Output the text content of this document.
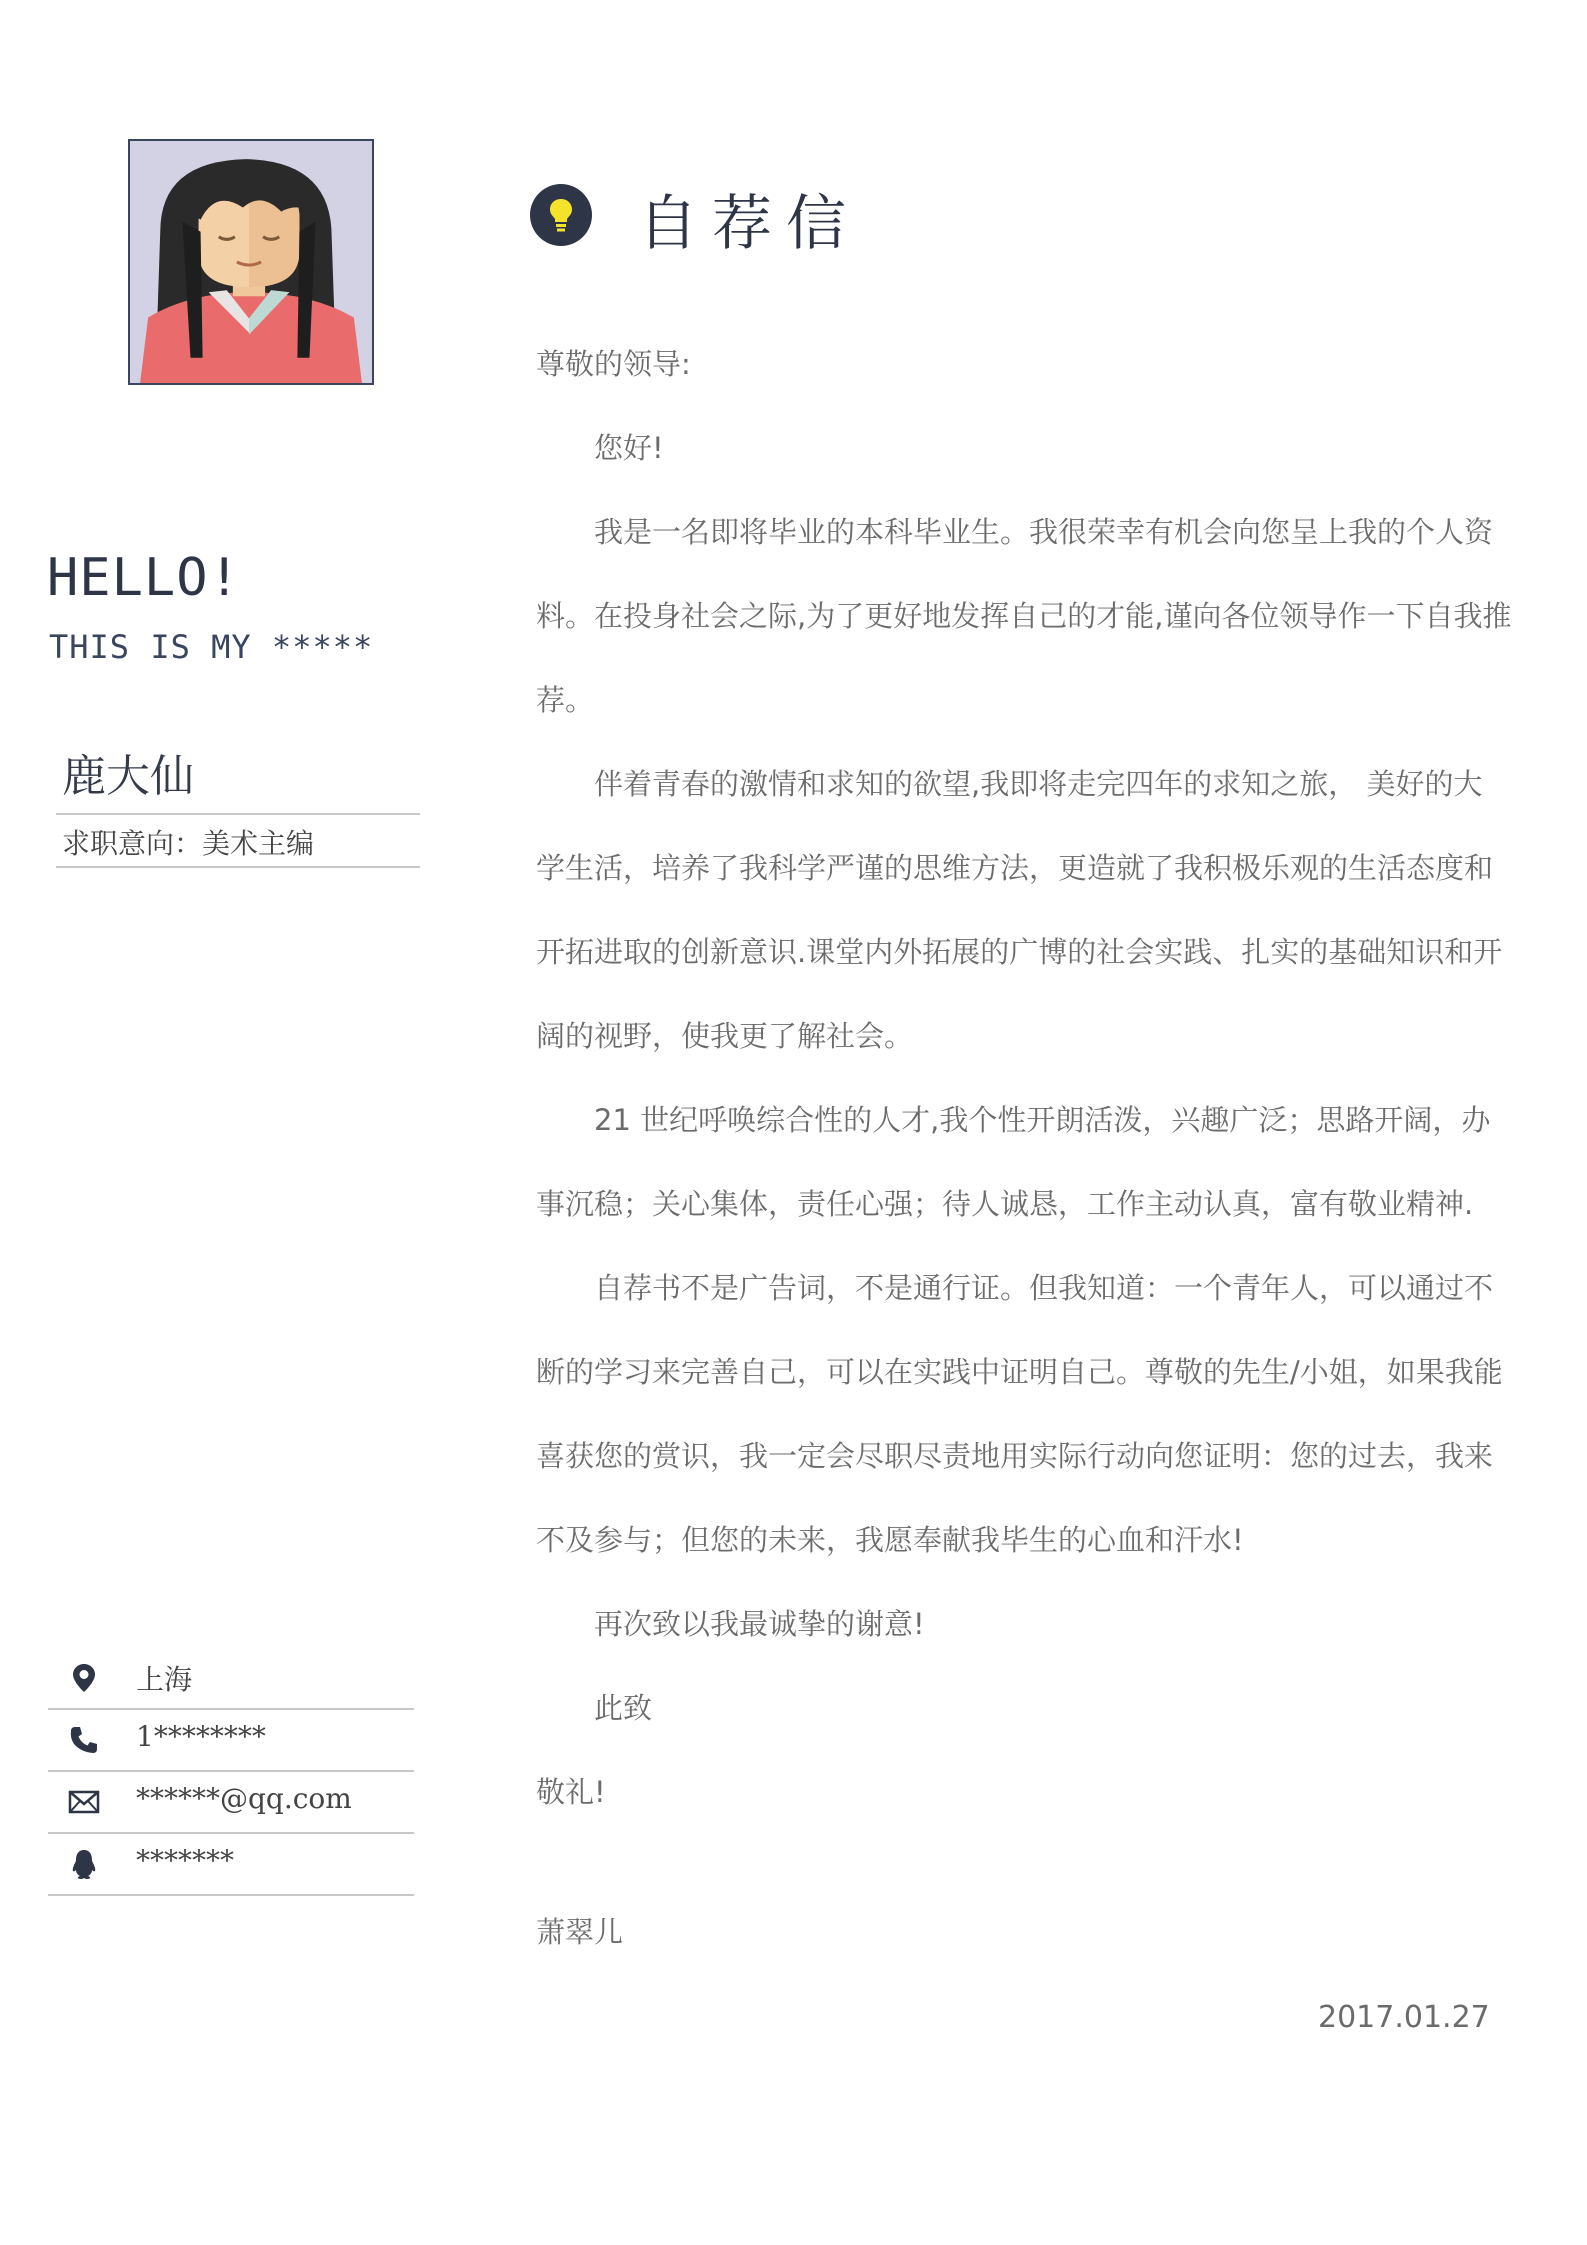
HELLO!
THIS IS MY *****
鹿大仙
求职意向：美术主编
上海
1********
******@qq.com
*******
自荐信
尊敬的领导:
您好!
我是一名即将毕业的本科毕业生。我很荣幸有机会向您呈上我的个人资
料。在投身社会之际,为了更好地发挥自己的才能,谨向各位领导作一下自我推
荐。
伴着青春的激情和求知的欲望,我即将走完四年的求知之旅， 美好的大
学生活，培养了我科学严谨的思维方法，更造就了我积极乐观的生活态度和
开拓进取的创新意识.课堂内外拓展的广博的社会实践、扎实的基础知识和开
阔的视野，使我更了解社会。
21 世纪呼唤综合性的人才,我个性开朗活泼，兴趣广泛；思路开阔，办
事沉稳；关心集体，责任心强；待人诚恳，工作主动认真，富有敬业精神.
自荐书不是广告词，不是通行证。但我知道：一个青年人，可以通过不
断的学习来完善自己，可以在实践中证明自己。尊敬的先生/小姐，如果我能
喜获您的赏识，我一定会尽职尽责地用实际行动向您证明：您的过去，我来
不及参与；但您的未来，我愿奉献我毕生的心血和汗水!
再次致以我最诚挚的谢意!
此致
敬礼!
萧翠儿
2017.01.27
